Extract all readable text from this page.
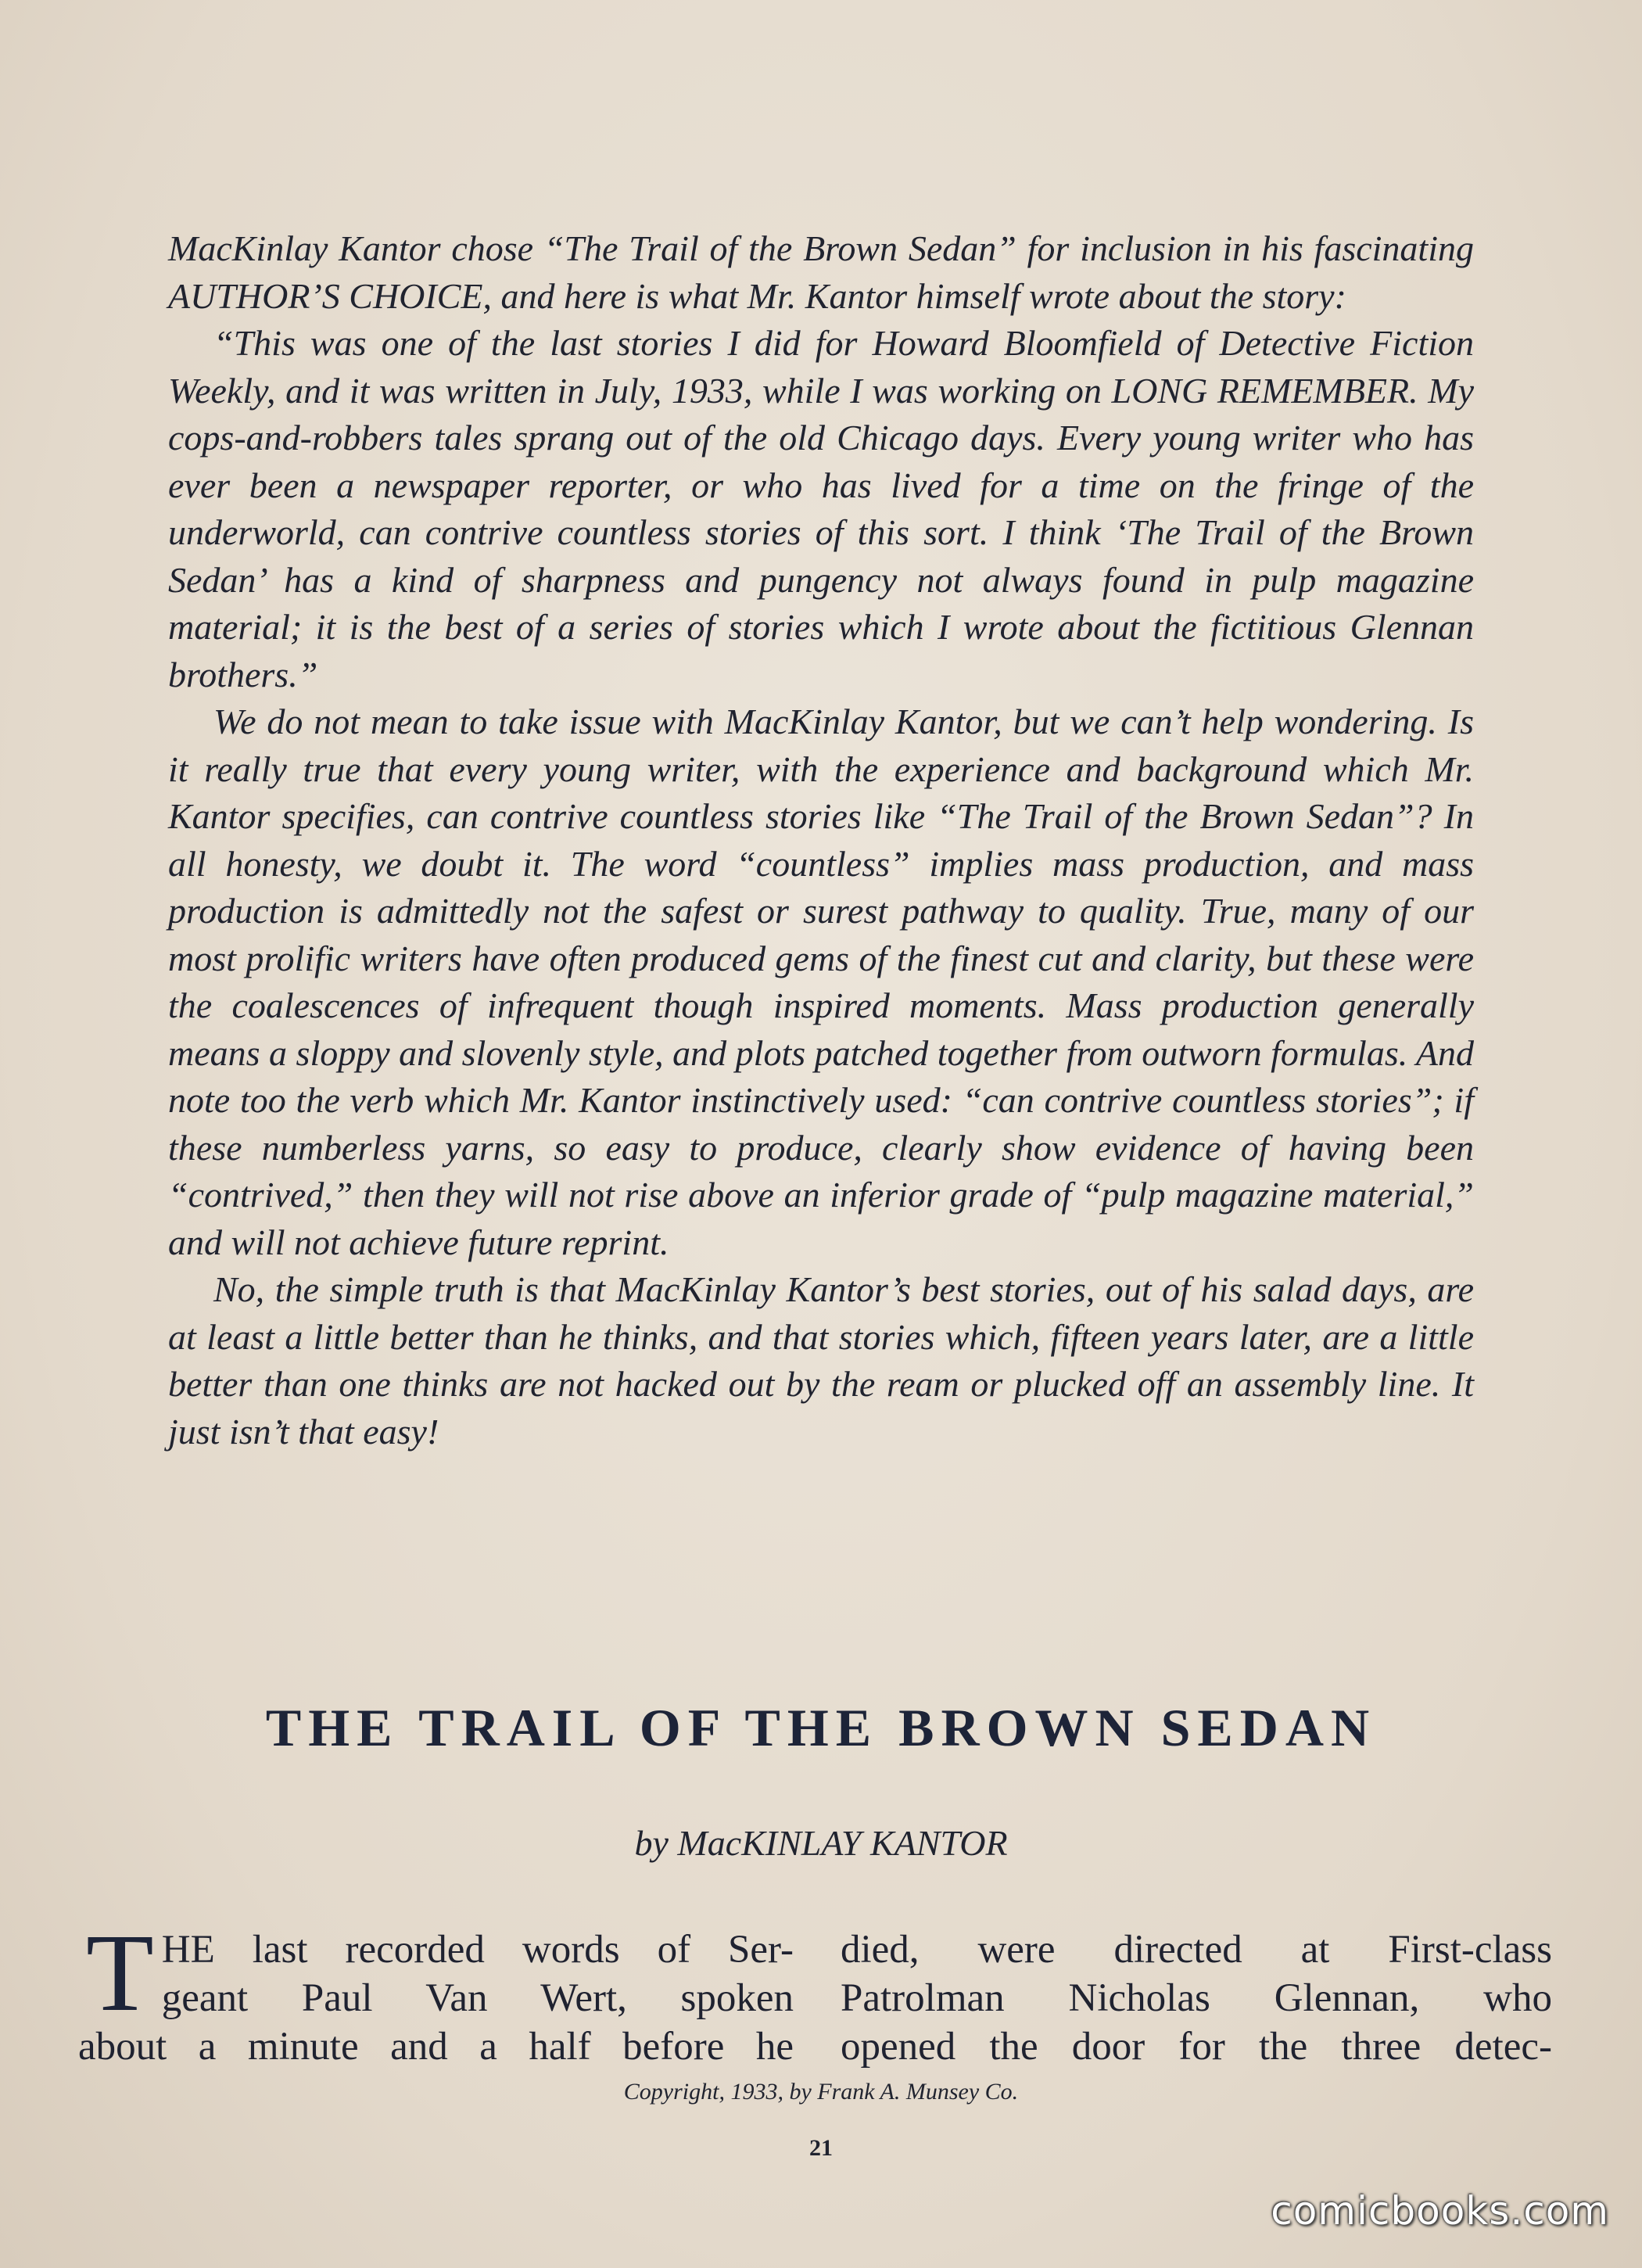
MacKinlay Kantor chose “The Trail of the Brown Sedan” for inclusion in his fascinating AUTHOR’S CHOICE, and here is what Mr. Kantor himself wrote about the story:

“This was one of the last stories I did for Howard Bloomfield of Detective Fiction Weekly, and it was written in July, 1933, while I was working on LONG REMEMBER. My cops-and-robbers tales sprang out of the old Chicago days. Every young writer who has ever been a newspaper reporter, or who has lived for a time on the fringe of the underworld, can contrive countless stories of this sort. I think ‘The Trail of the Brown Sedan’ has a kind of sharpness and pungency not always found in pulp magazine material; it is the best of a series of stories which I wrote about the fictitious Glennan brothers.”

We do not mean to take issue with MacKinlay Kantor, but we can’t help wondering. Is it really true that every young writer, with the experience and background which Mr. Kantor specifies, can contrive countless stories like “The Trail of the Brown Sedan”? In all honesty, we doubt it. The word “countless” implies mass production, and mass production is admittedly not the safest or surest pathway to quality. True, many of our most prolific writers have often produced gems of the finest cut and clarity, but these were the coalescences of infrequent though inspired moments. Mass production generally means a sloppy and slovenly style, and plots patched together from outworn formulas. And note too the verb which Mr. Kantor instinctively used: “can contrive countless stories”; if these numberless yarns, so easy to produce, clearly show evidence of having been “contrived,” then they will not rise above an inferior grade of “pulp magazine material,” and will not achieve future reprint.

No, the simple truth is that MacKinlay Kantor’s best stories, out of his salad days, are at least a little better than he thinks, and that stories which, fifteen years later, are a little better than one thinks are not hacked out by the ream or plucked off an assembly line. It just isn’t that easy!

THE TRAIL OF THE BROWN SEDAN
by MacKINLAY KANTOR
T HE last recorded words of Ser-
geant Paul Van Wert, spoken
about a minute and a half before he
died, were directed at First-class
Patrolman Nicholas Glennan, who
opened the door for the three detec-
Copyright, 1933, by Frank A. Munsey Co.
21
comicbooks.com
